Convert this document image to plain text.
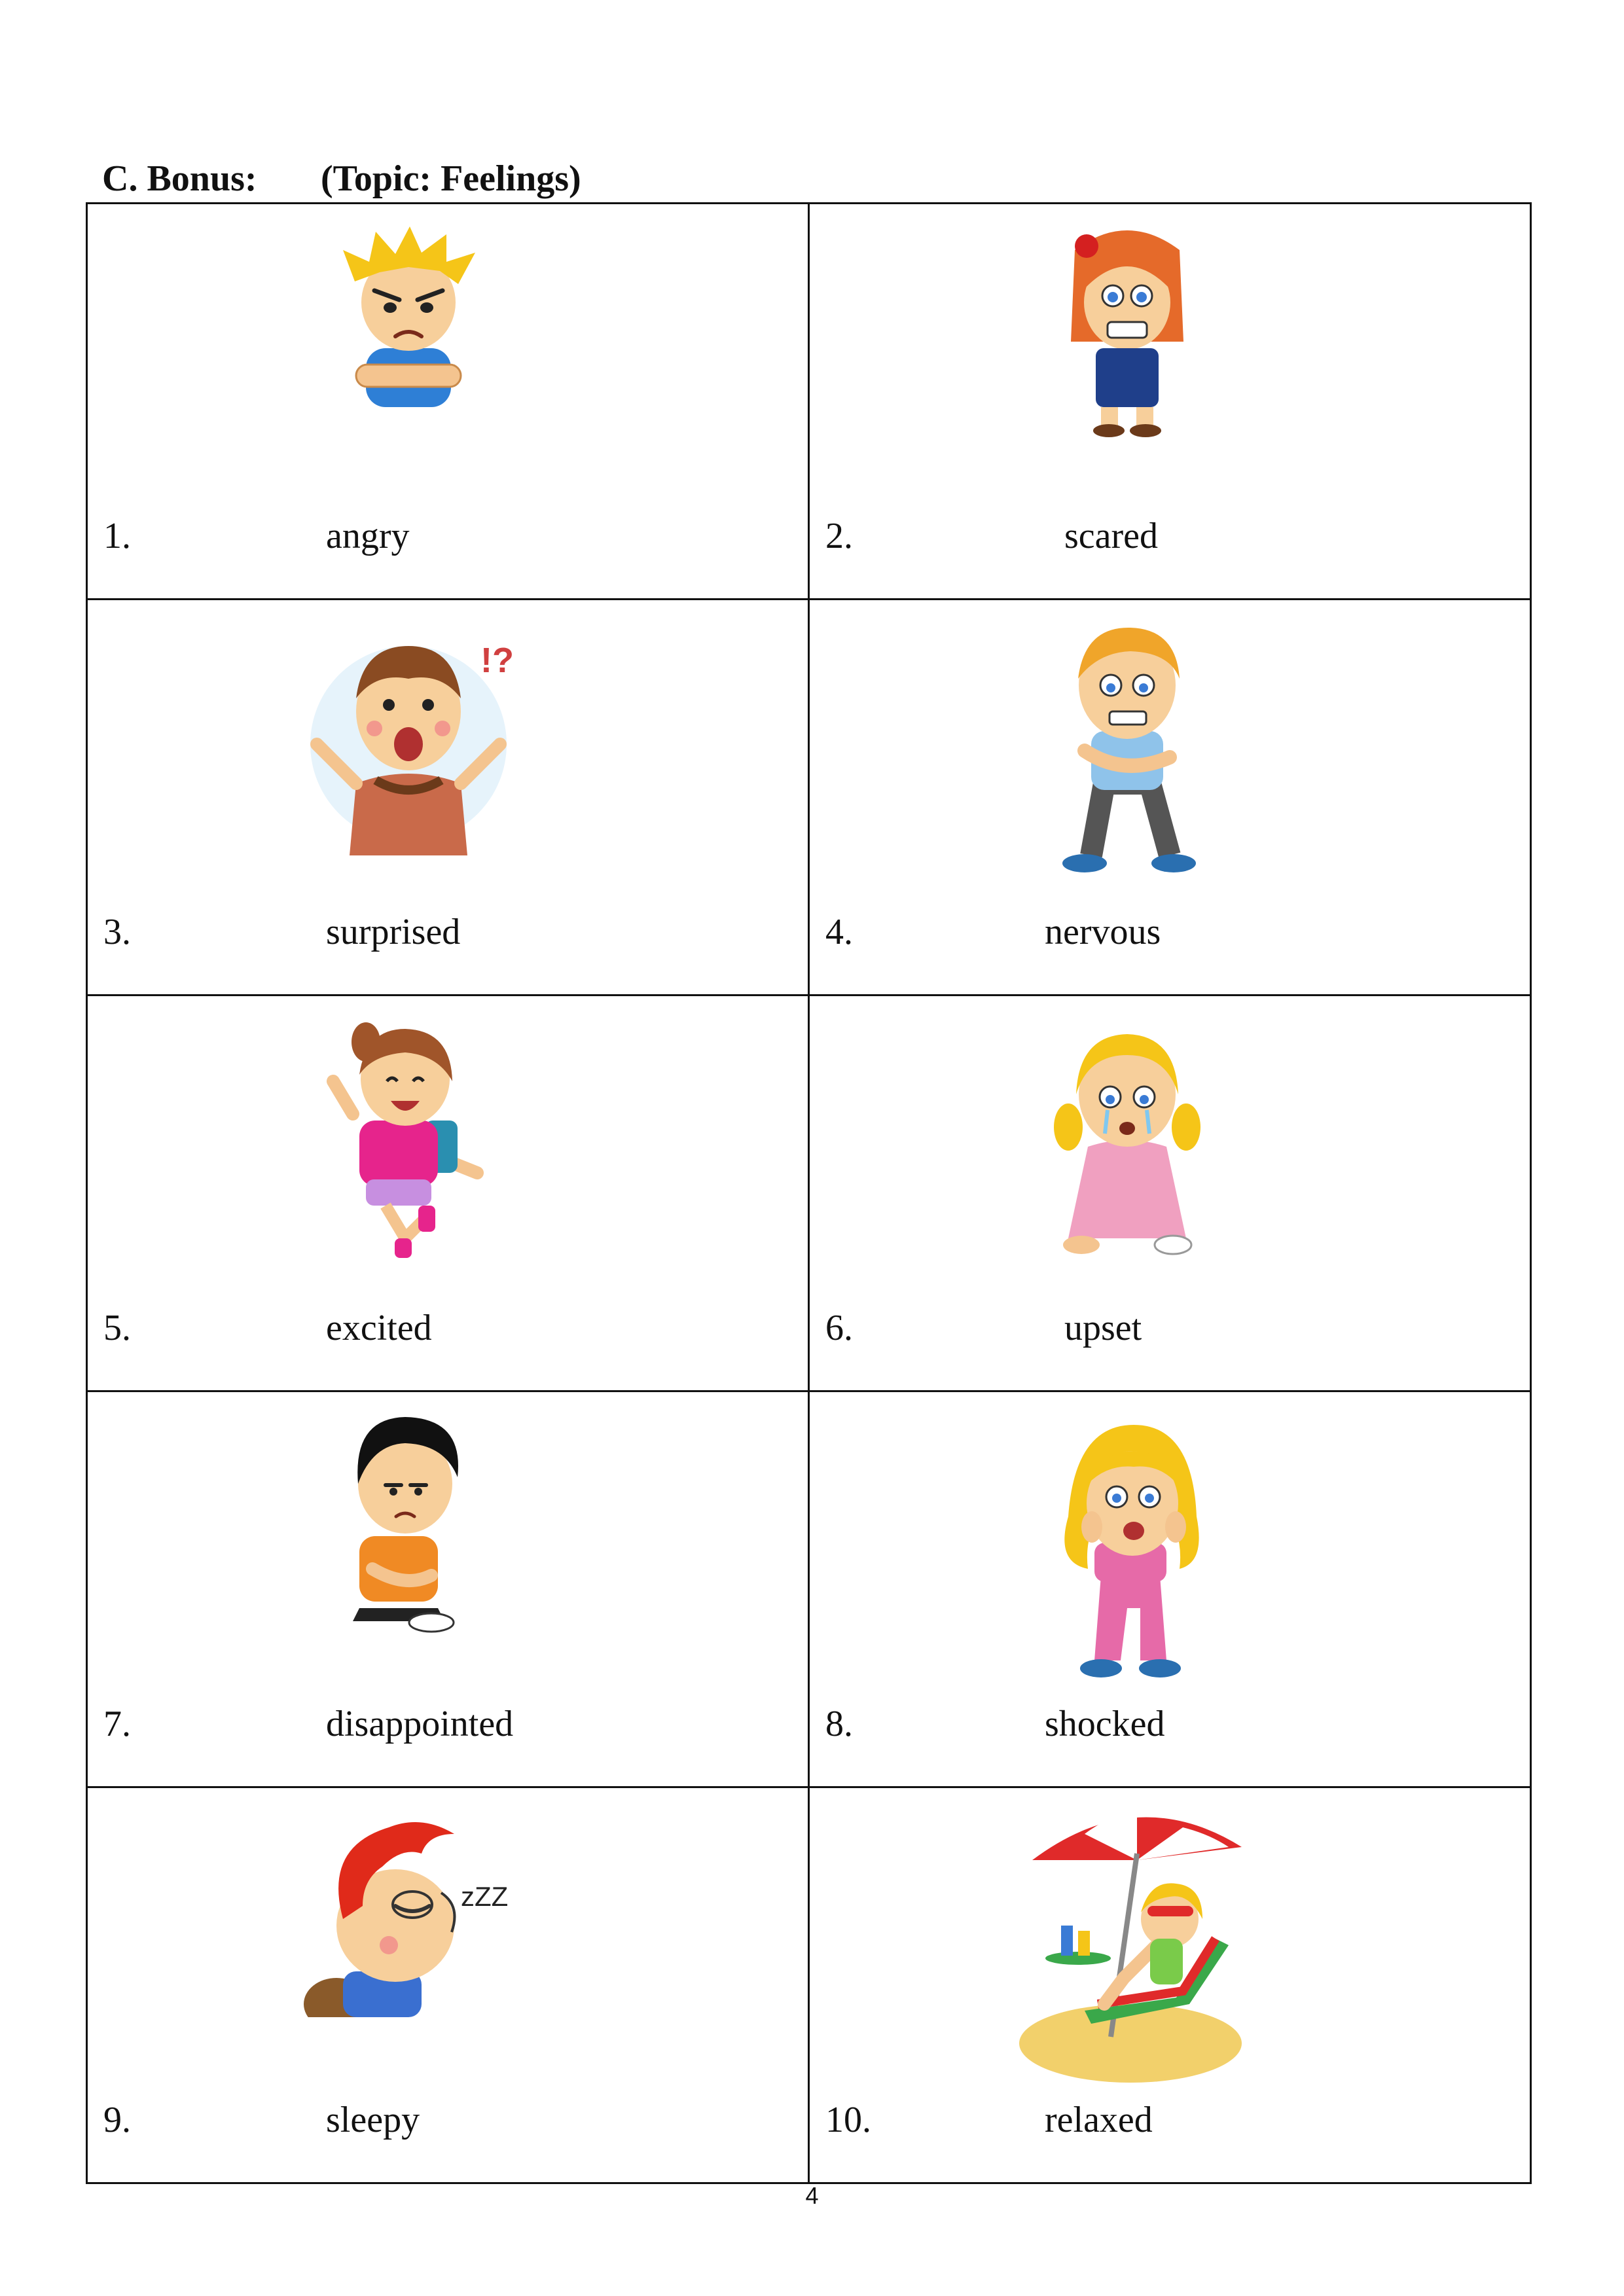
C. Bonus: (Topic: Feelings)
1. angry	2. scared

!?
3. surprised	4. nervous

5. excited	6. upset

7. disappointed	8. shocked

zZZ
9. sleepy	10. relaxed
4
